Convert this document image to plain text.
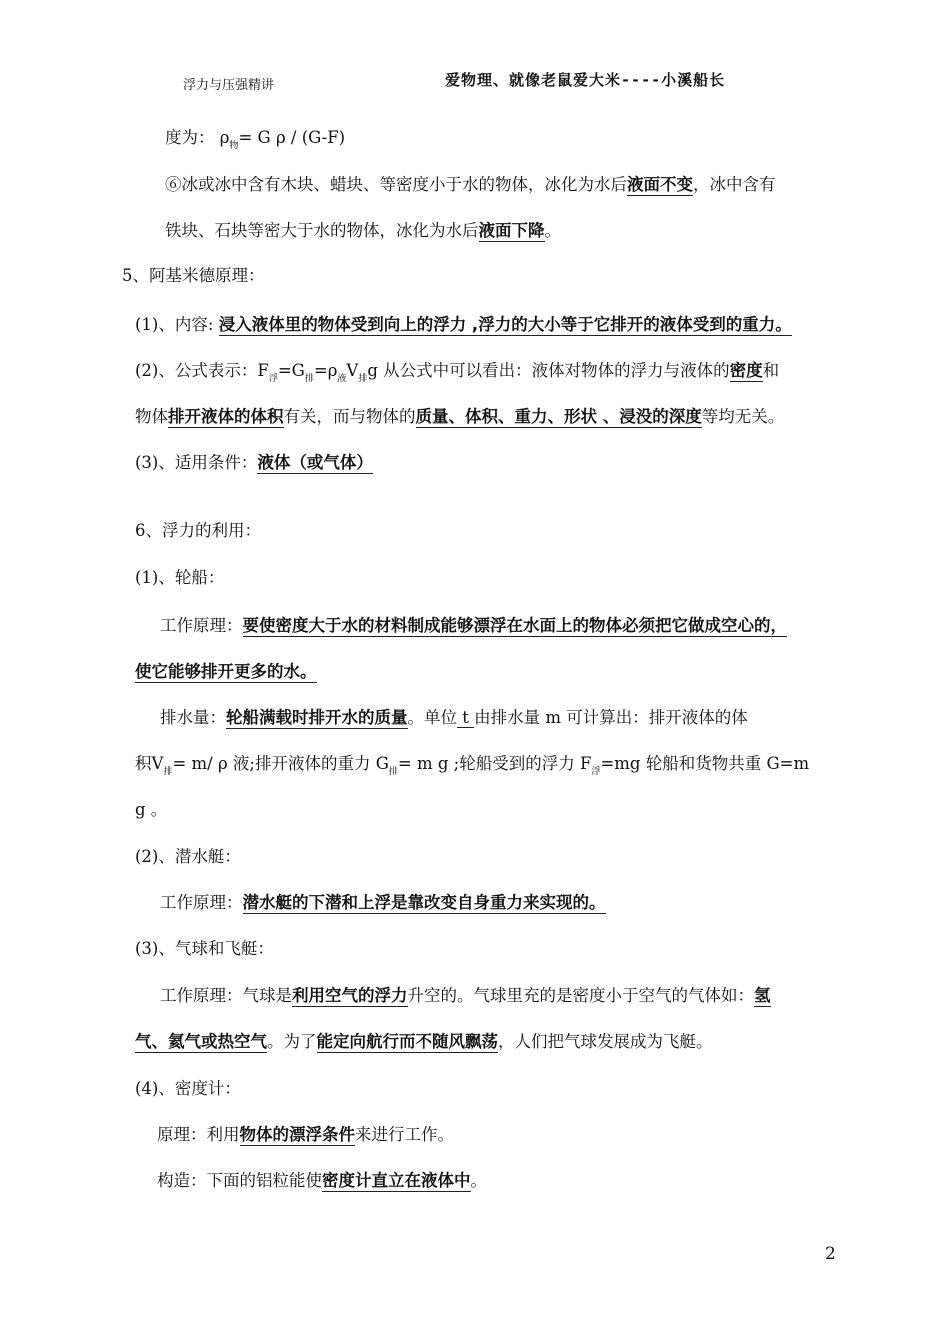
浮力与压强精讲	爱物理、就像老鼠爱大米----小溪船长
度为： $\rho_物= G$ ρ / (G-F)
⑥冰或冰中含有木块、蜡块、等密度小于水的物体，冰化为水后液面不变，冰中含有
铁块、石块等密大于水的物体，冰化为水后液面下降。
5、阿基米德原理：
(1)、内容: 浸入液体里的物体受到向上的浮力 ,浮力的大小等于它排开的液体受到的重力。
(2)、公式表示：$F_浮=G_排=\rho_液V_排g$ 从公式中可以看出：液体对物体的浮力与液体的密度和
物体排开液体的体积有关，而与物体的质量、体积、重力、形状 、浸没的深度等均无关。
(3)、适用条件：液体（或气体）
6、浮力的利用：
(1)、轮船：
工作原理：要使密度大于水的材料制成能够漂浮在水面上的物体必须把它做成空心的，
使它能够排开更多的水。
排水量：轮船满载时排开水的质量。单位 t 由排水量 m 可计算出：排开液体的体
积$V_排= m/$ ρ 液;排开液体的重力 $G_排= m$ g ;轮船受到的浮力 $F_浮=mg$ 轮船和货物共重 G=m
g 。
(2)、潜水艇：
工作原理：潜水艇的下潜和上浮是靠改变自身重力来实现的。
(3)、气球和飞艇：
工作原理：气球是利用空气的浮力升空的。气球里充的是密度小于空气的气体如：氢
气、氦气或热空气。为了能定向航行而不随风飘荡，人们把气球发展成为飞艇。
(4)、密度计：
原理：利用物体的漂浮条件来进行工作。
构造：下面的铝粒能使密度计直立在液体中。
2
